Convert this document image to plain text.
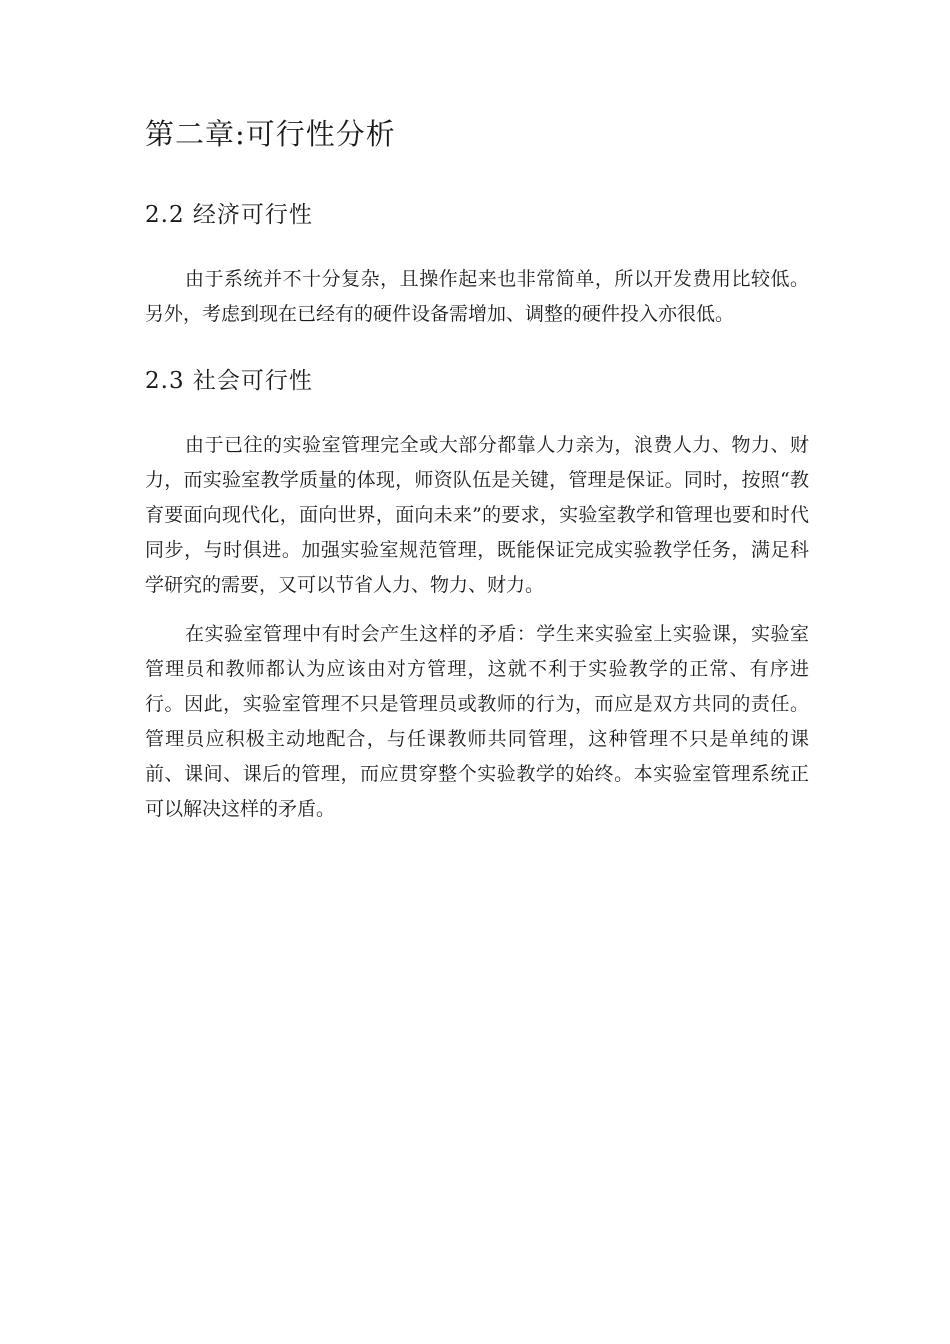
第二章:可行性分析
2.2 经济可行性

由于系统并不十分复杂，且操作起来也非常简单，所以开发费用比较低。另外，考虑到现在已经有的硬件设备需增加、调整的硬件投入亦很低。

2.3 社会可行性

由于已往的实验室管理完全或大部分都靠人力亲为，浪费人力、物力、财力，而实验室教学质量的体现，师资队伍是关键，管理是保证。同时，按照“教育要面向现代化，面向世界，面向未来”的要求，实验室教学和管理也要和时代同步，与时俱进。加强实验室规范管理，既能保证完成实验教学任务，满足科学研究的需要，又可以节省人力、物力、财力。

在实验室管理中有时会产生这样的矛盾：学生来实验室上实验课，实验室管理员和教师都认为应该由对方管理，这就不利于实验教学的正常、有序进行。因此，实验室管理不只是管理员或教师的行为，而应是双方共同的责任。管理员应积极主动地配合，与任课教师共同管理，这种管理不只是单纯的课前、课间、课后的管理，而应贯穿整个实验教学的始终。本实验室管理系统正可以解决这样的矛盾。
